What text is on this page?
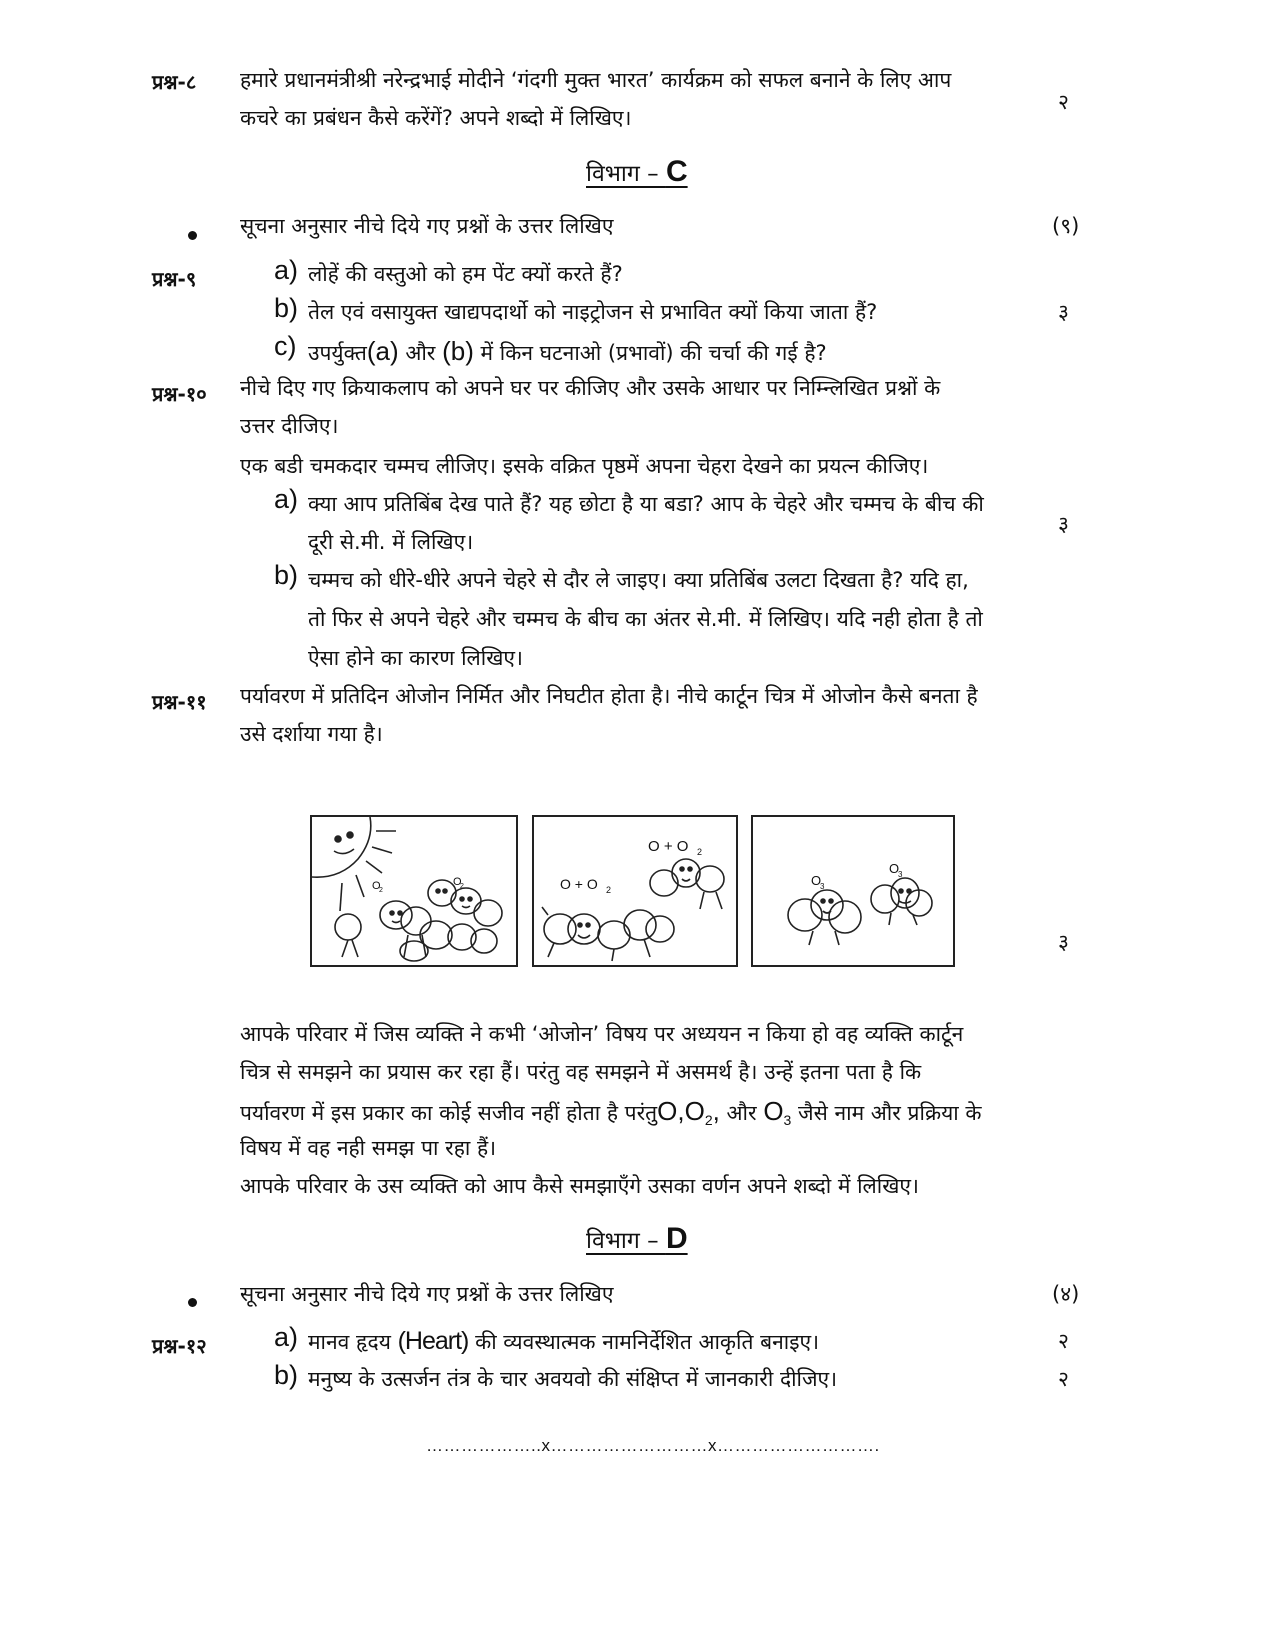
प्रश्न-८ हमारे प्रधानमंत्रीश्री नरेन्द्रभाई मोदीने ‘गंदगी मुक्त भारत’ कार्यक्रम को सफल बनाने के लिए आप
कचरे का प्रबंधन कैसे करेंगें? अपने शब्दो में लिखिए।
२
विभाग – C
सूचना अनुसार नीचे दिये गए प्रश्नों के उत्तर लिखिए	(९)
प्रश्न-९	a) लोहें की वस्तुओ को हम पेंट क्यों करते हैं?
b) तेल एवं वसायुक्त खाद्यपदार्थो को नाइट्रोजन से प्रभावित क्यों किया जाता हैं?	३
c) उपर्युक्त(a) और (b) में किन घटनाओ (प्रभावों) की चर्चा की गई है?
प्रश्न-१० नीचे दिए गए क्रियाकलाप को अपने घर पर कीजिए और उसके आधार पर निम्न्लिखित प्रश्नों के
उत्तर दीजिए।
एक बडी चमकदार चम्मच लीजिए। इसके वक्रित पृष्ठमें अपना चेहरा देखने का प्रयत्न कीजिए।
a) क्या आप प्रतिबिंब देख पाते हैं? यह छोटा है या बडा? आप के चेहरे और चम्मच के बीच की
दूरी से.मी. में लिखिए।
३
b) चम्मच को धीरे-धीरे अपने चेहरे से दौर ले जाइए। क्या प्रतिबिंब उलटा दिखता है? यदि हा,
तो फिर से अपने चेहरे और चम्मच के बीच का अंतर से.मी. में लिखिए। यदि नही होता है तो
ऐसा होने का कारण लिखिए।
प्रश्न-११ पर्यावरण में प्रतिदिन ओजोन निर्मित और निघटीत होता है। नीचे कार्टून चित्र में ओजोन कैसे बनता है
उसे दर्शाया गया है।
O
2
O
2
O + O 2
O + O 2
O
3
O
3
३
आपके परिवार में जिस व्यक्ति ने कभी ‘ओजोन’ विषय पर अध्ययन न किया हो वह व्यक्ति कार्टून
चित्र से समझने का प्रयास कर रहा हैं। परंतु वह समझने में असमर्थ है। उन्हें इतना पता है कि
पर्यावरण में इस प्रकार का कोई सजीव नहीं होता है $परंतुO,O_2$, और $O_3$ जैसे नाम और प्रक्रिया के
विषय में वह नही समझ पा रहा हैं।
आपके परिवार के उस व्यक्ति को आप कैसे समझाएँगे उसका वर्णन अपने शब्दो में लिखिए।
विभाग – D
सूचना अनुसार नीचे दिये गए प्रश्नों के उत्तर लिखिए	(४)
प्रश्न-१२ a) मानव हृदय (Heart) की व्यवस्थात्मक नामनिर्देशित आकृति बनाइए।	२
b) मनुष्य के उत्सर्जन तंत्र के चार अवयवो की संक्षिप्त में जानकारी दीजिए।	२
………………..x………………………x……………………….
